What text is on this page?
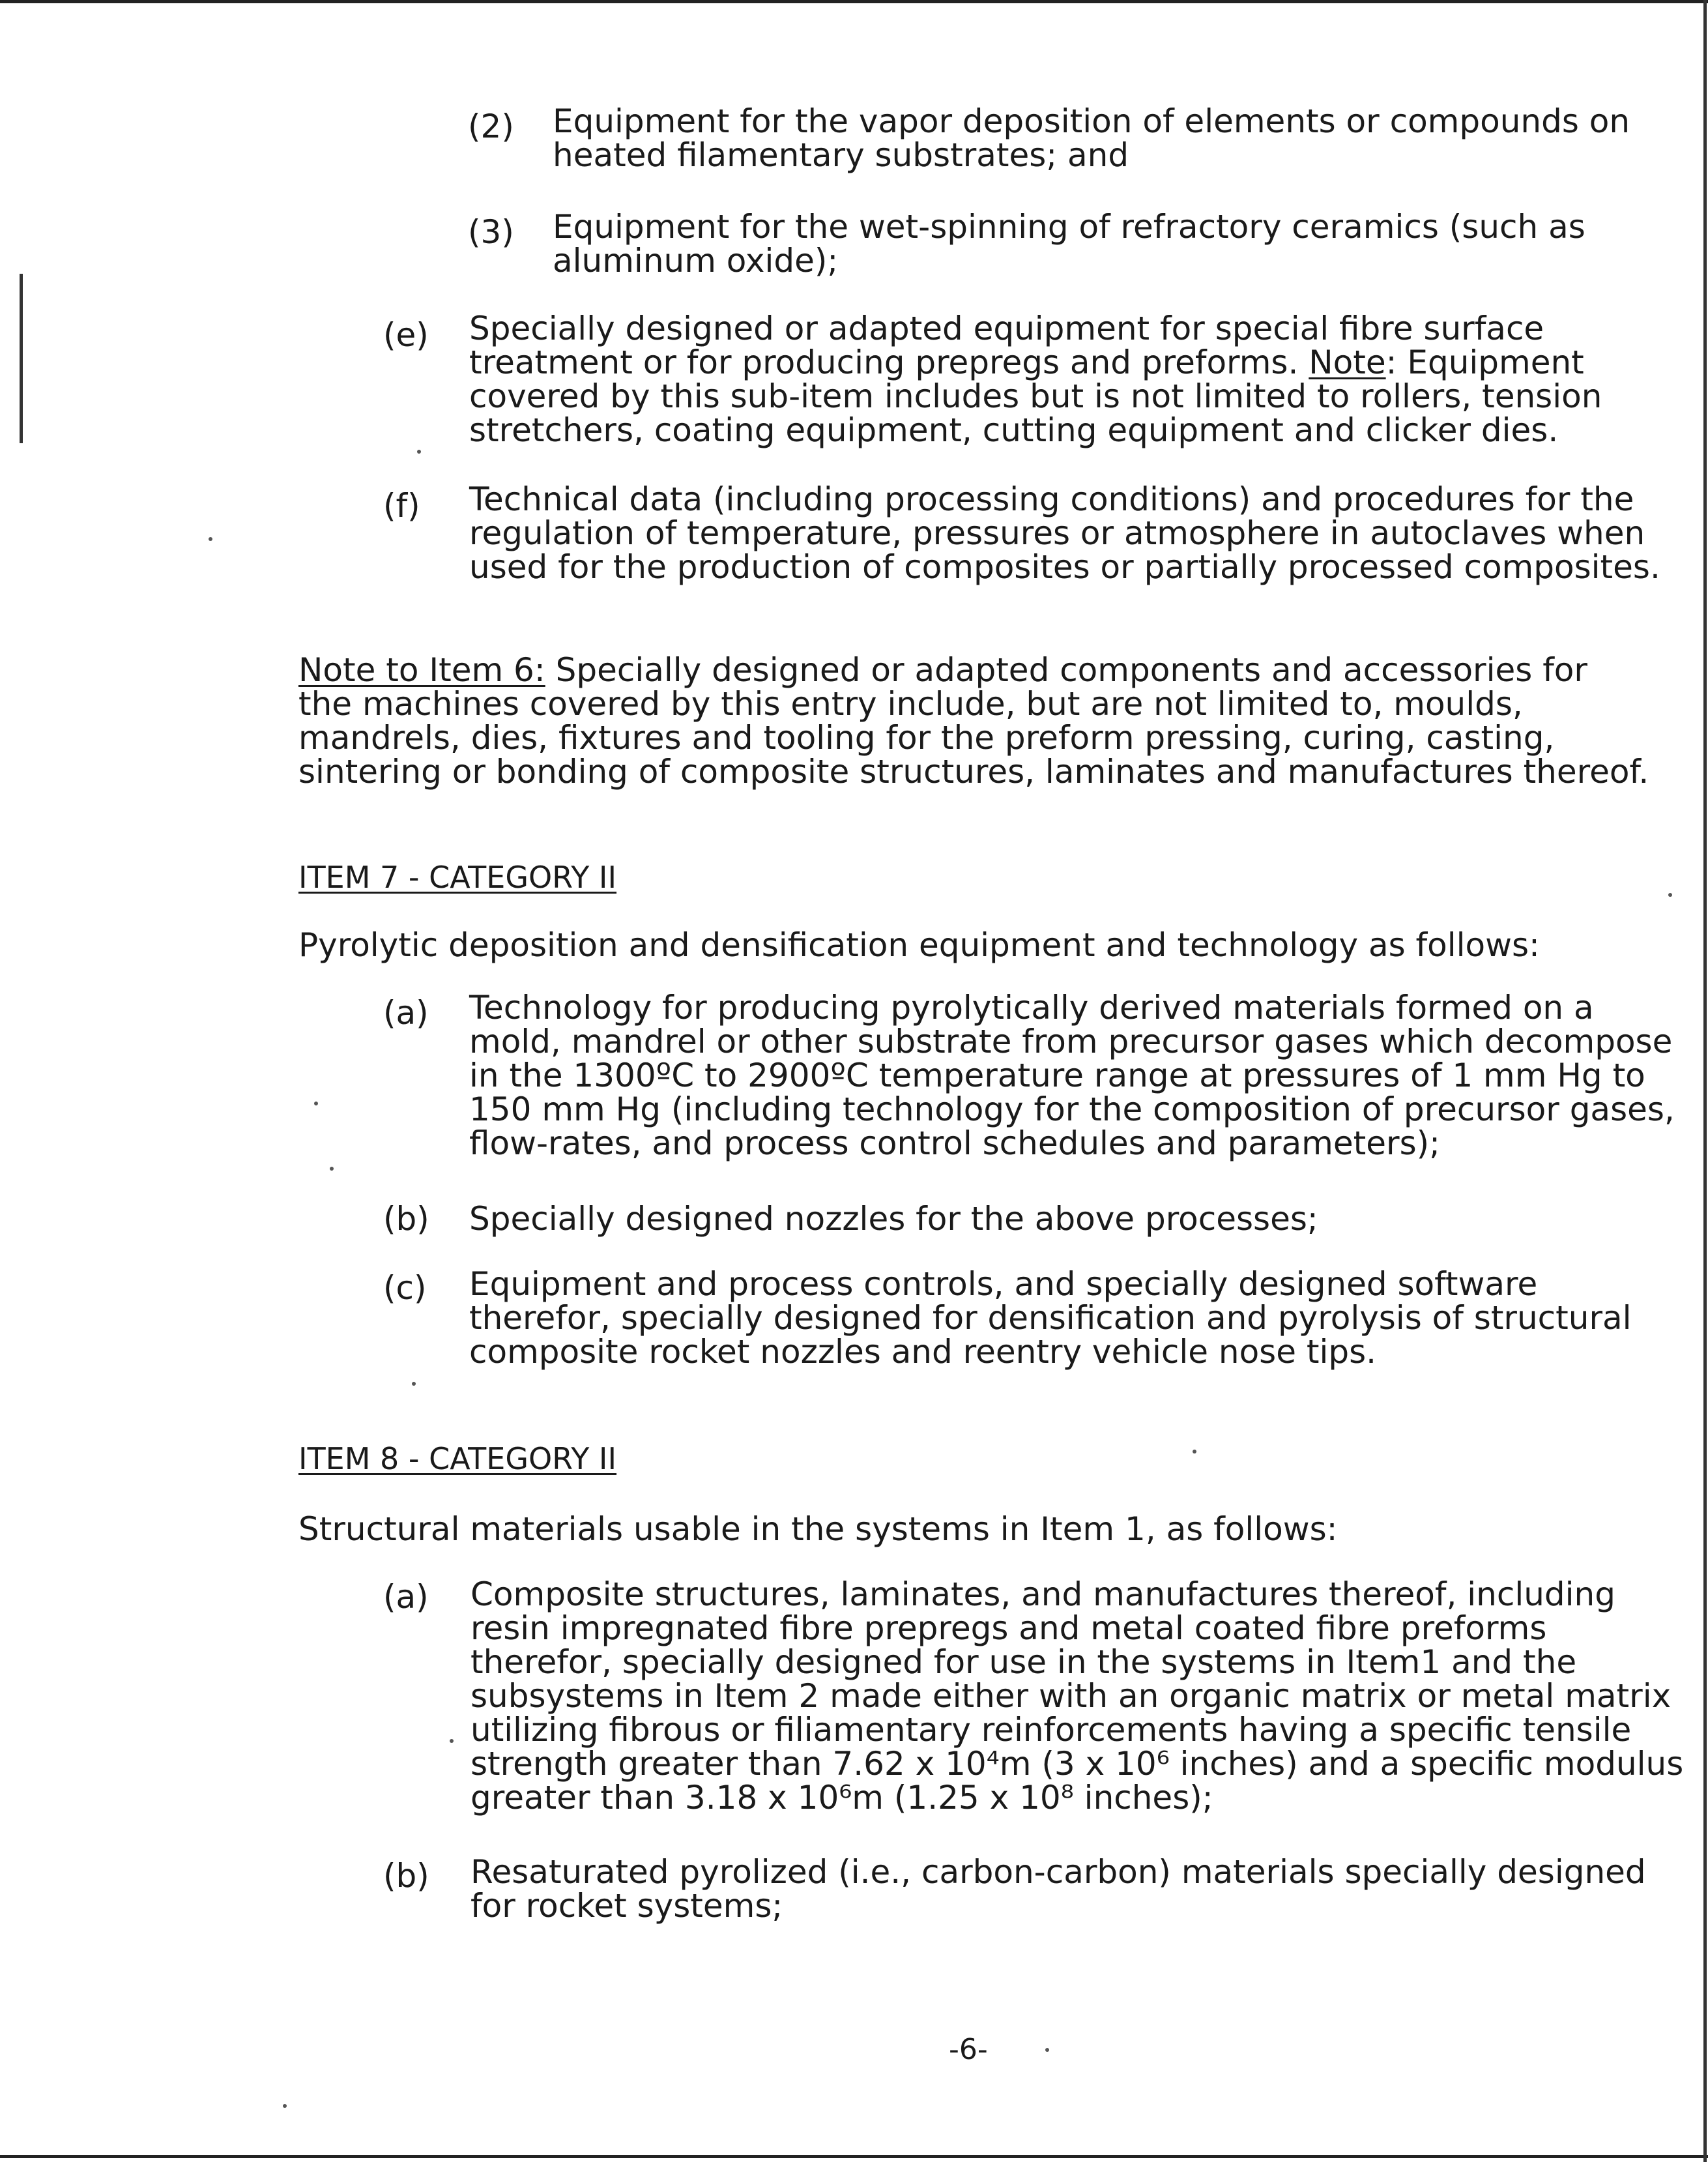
(2) Equipment for the vapor deposition of elements or compounds on
heated filamentary substrates; and

(3) Equipment for the wet-spinning of refractory ceramics (such as
aluminum oxide);

(e) Specially designed or adapted equipment for special fibre surface
treatment or for producing prepregs and preforms. Note: Equipment
covered by this sub-item includes but is not limited to rollers, tension
stretchers, coating equipment, cutting equipment and clicker dies.

(f) Technical data (including processing conditions) and procedures for the
regulation of temperature, pressures or atmosphere in autoclaves when
used for the production of composites or partially processed composites.

Note to Item 6: Specially designed or adapted components and accessories for
the machines covered by this entry include, but are not limited to, moulds,
mandrels, dies, fixtures and tooling for the preform pressing, curing, casting,
sintering or bonding of composite structures, laminates and manufactures thereof.

ITEM 7 - CATEGORY II
Pyrolytic deposition and densification equipment and technology as follows:
(a) Technology for producing pyrolytically derived materials formed on a
mold, mandrel or other substrate from precursor gases which decompose
in the 1300ºC to 2900ºC temperature range at pressures of 1 mm Hg to
150 mm Hg (including technology for the composition of precursor gases,
flow-rates, and process control schedules and parameters);

(b) Specially designed nozzles for the above processes;
(c) Equipment and process controls, and specially designed software
therefor, specially designed for densification and pyrolysis of structural
composite rocket nozzles and reentry vehicle nose tips.

ITEM 8 - CATEGORY II
Structural materials usable in the systems in Item 1, as follows:
(a) Composite structures, laminates, and manufactures thereof, including
resin impregnated fibre prepregs and metal coated fibre preforms
therefor, specially designed for use in the systems in Item1 and the
subsystems in Item 2 made either with an organic matrix or metal matrix
utilizing fibrous or filiamentary reinforcements having a specific tensile
strength greater than 7.62 x 10⁴m (3 x 10⁶ inches) and a specific modulus
greater than 3.18 x 10⁶m (1.25 x 10⁸ inches);

(b) Resaturated pyrolized (i.e., carbon-carbon) materials specially designed
for rocket systems;

-6-
